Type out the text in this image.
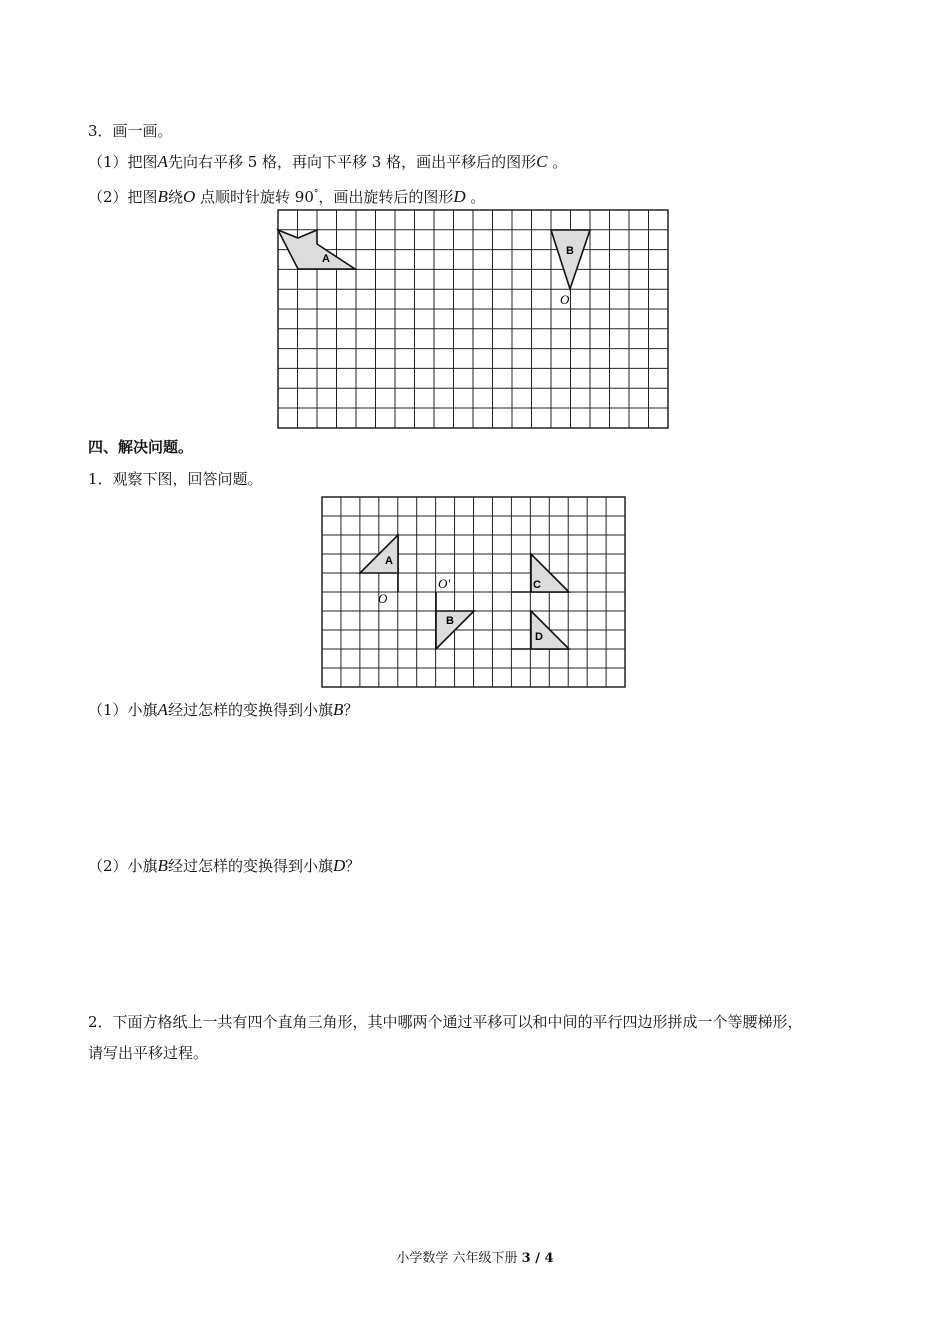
3．画一画。
（1）把图A先向右平移 5 格，再向下平移 3 格，画出平移后的图形C 。
（2）把图B绕O 点顺时针旋转 90°，画出旋转后的图形D 。
A
B
O
四、解决问题。
1．观察下图，回答问题。
A
O
B
O′	C
D
（1）小旗A经过怎样的变换得到小旗B？
（2）小旗B经过怎样的变换得到小旗D？
2．下面方格纸上一共有四个直角三角形，其中哪两个通过平移可以和中间的平行四边形拼成一个等腰梯形，
请写出平移过程。
小学数学 六年级下册 3 / 4
